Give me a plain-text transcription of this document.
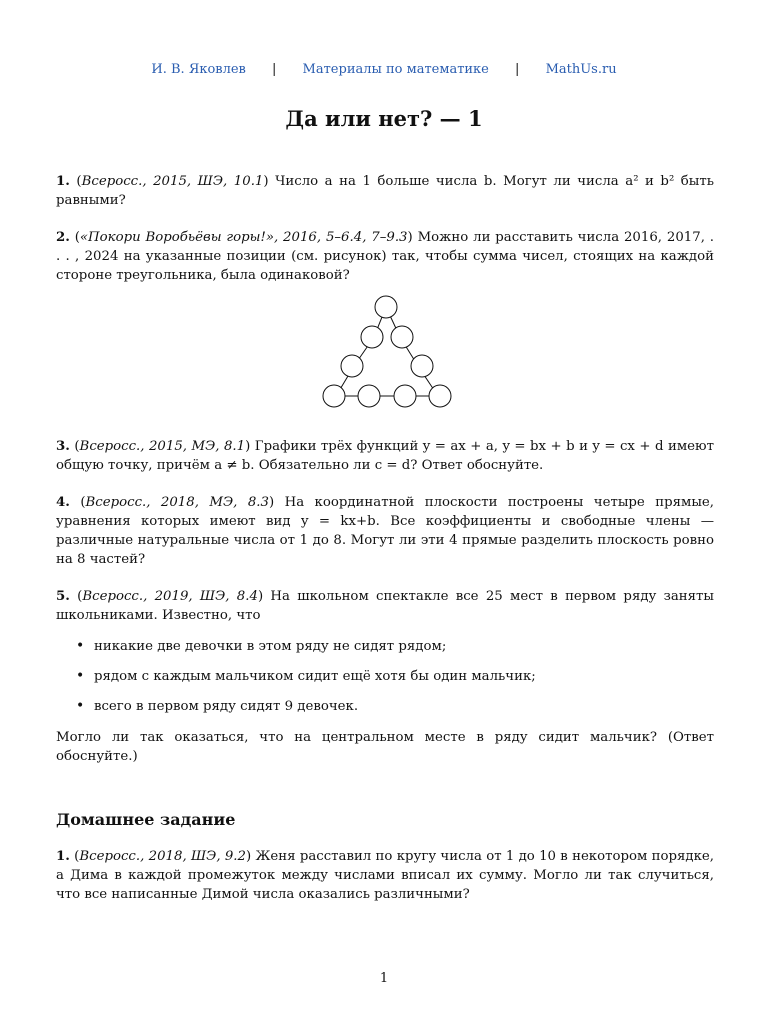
И. В. Яковлев | Материалы по математике | MathUs.ru
Да или нет? — 1

1. (Всеросс., 2015, ШЭ, 10.1) Число a на 1 больше числа b. Могут ли числа a² и b² быть равными?

2. («Покори Воробьёвы горы!», 2016, 5–6.4, 7–9.3) Можно ли расставить числа 2016, 2017, . . . , 2024 на указанные позиции (см. рисунок) так, чтобы сумма чисел, стоящих на каждой стороне треугольника, была одинаковой?

3. (Всеросс., 2015, МЭ, 8.1) Графики трёх функций y = ax + a, y = bx + b и y = cx + d имеют общую точку, причём a ≠ b. Обязательно ли c = d? Ответ обоснуйте.

4. (Всеросс., 2018, МЭ, 8.3) На координатной плоскости построены четыре прямые, уравнения которых имеют вид y = kx+b. Все коэффициенты и свободные члены — различные натуральные числа от 1 до 8. Могут ли эти 4 прямые разделить плоскость ровно на 8 частей?

5. (Всеросс., 2019, ШЭ, 8.4) На школьном спектакле все 25 мест в первом ряду заняты школьниками. Известно, что

• никакие две девочки в этом ряду не сидят рядом;
• рядом с каждым мальчиком сидит ещё хотя бы один мальчик;
• всего в первом ряду сидят 9 девочек.

Могло ли так оказаться, что на центральном месте в ряду сидит мальчик? (Ответ обоснуйте.)

Домашнее задание

1. (Всеросс., 2018, ШЭ, 9.2) Женя расставил по кругу числа от 1 до 10 в некотором порядке, а Дима в каждой промежуток между числами вписал их сумму. Могло ли так случиться, что все написанные Димой числа оказались различными?

1
